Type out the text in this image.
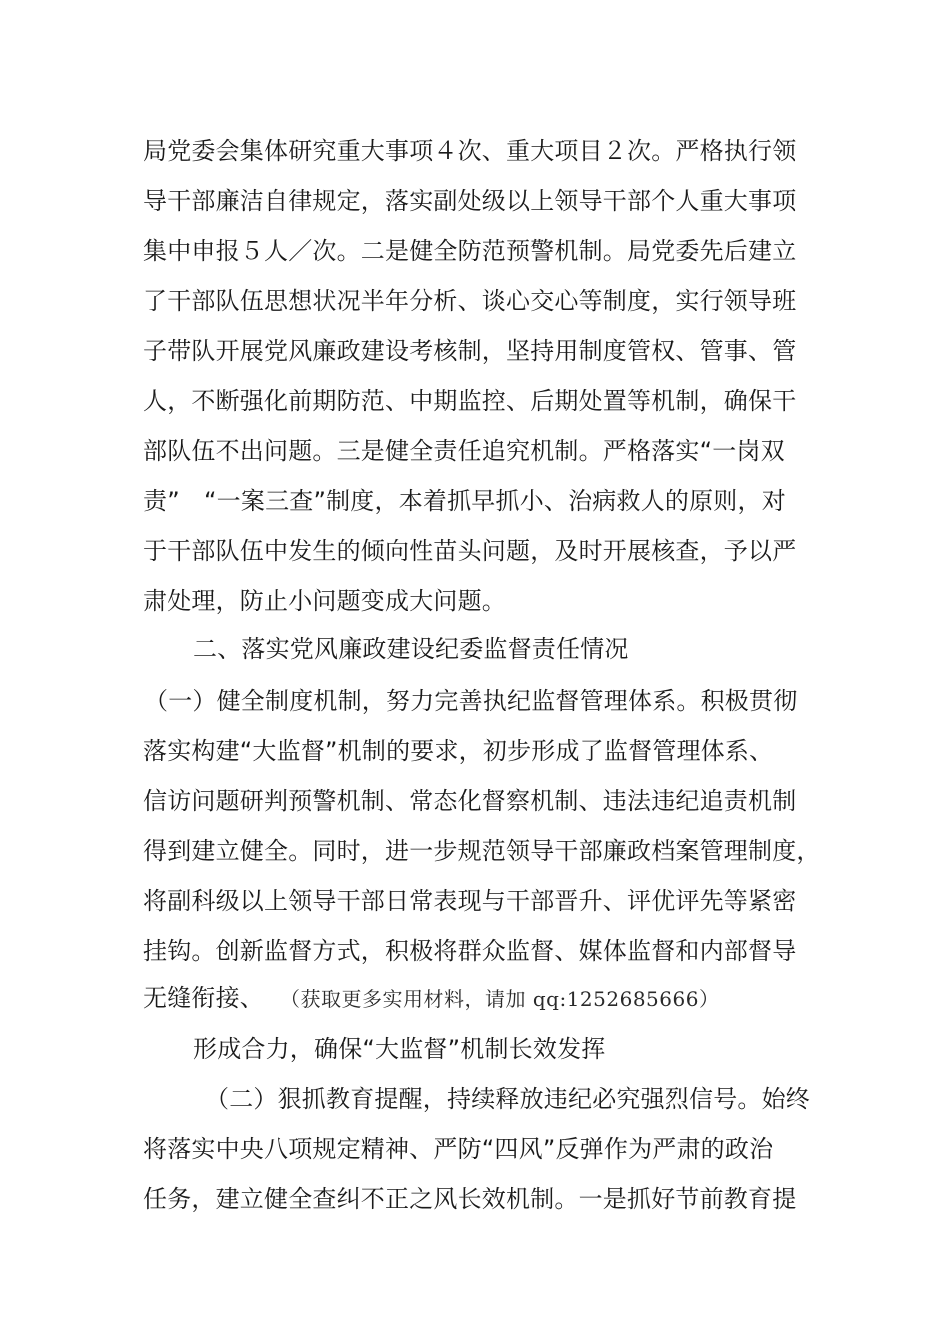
局党委会集体研究重大事项４次、重大项目２次。严格执行领
导干部廉洁自律规定，落实副处级以上领导干部个人重大事项
集中申报５人／次。二是健全防范预警机制。局党委先后建立
了干部队伍思想状况半年分析、谈心交心等制度，实行领导班
子带队开展党风廉政建设考核制，坚持用制度管权、管事、管
人，不断强化前期防范、中期监控、后期处置等机制，确保干
部队伍不出问题。三是健全责任追究机制。严格落实“一岗双
责”　“一案三查”制度，本着抓早抓小、治病救人的原则，对
于干部队伍中发生的倾向性苗头问题，及时开展核查，予以严
肃处理，防止小问题变成大问题。
二、落实党风廉政建设纪委监督责任情况
（一）健全制度机制，努力完善执纪监督管理体系。积极贯彻
落实构建“大监督”机制的要求，初步形成了监督管理体系、
信访问题研判预警机制、常态化督察机制、违法违纪追责机制
得到建立健全。同时，进一步规范领导干部廉政档案管理制度，
将副科级以上领导干部日常表现与干部晋升、评优评先等紧密
挂钩。创新监督方式，积极将群众监督、媒体监督和内部督导
无缝衔接、 （获取更多实用材料，请加 qq:1252685666）
形成合力，确保“大监督”机制长效发挥
（二）狠抓教育提醒，持续释放违纪必究强烈信号。始终
将落实中央八项规定精神、严防“四风”反弹作为严肃的政治
任务，建立健全查纠不正之风长效机制。一是抓好节前教育提
